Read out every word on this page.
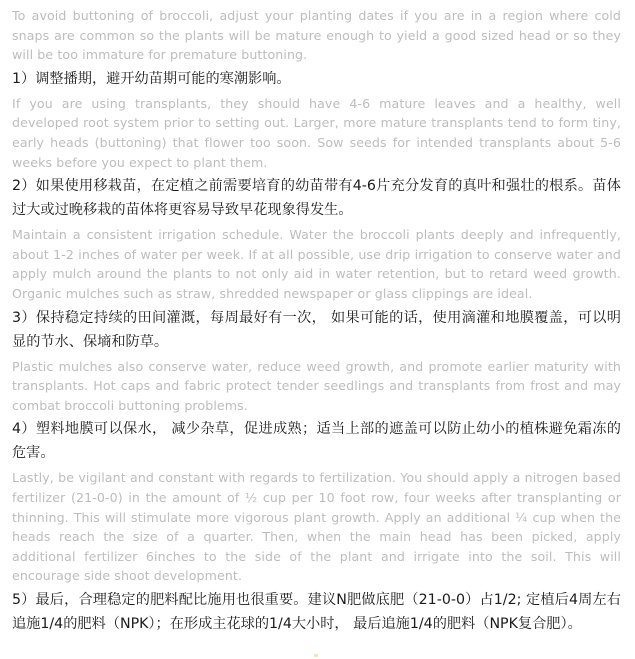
To avoid buttoning of broccoli, adjust your planting dates if you are in a region where cold snaps are common so the plants will be mature enough to yield a good sized head or so they will be too immature for premature buttoning.

1）调整播期，避开幼苗期可能的寒潮影响。

If you are using transplants, they should have 4-6 mature leaves and a healthy, well developed root system prior to setting out. Larger, more mature transplants tend to form tiny, early heads (buttoning) that flower too soon. Sow seeds for intended transplants about 5-6 weeks before you expect to plant them.

2）如果使用移栽苗，在定植之前需要培育的幼苗带有4-6片充分发育的真叶和强壮的根系。苗体过大或过晚移栽的苗体将更容易导致早花现象得发生。

Maintain a consistent irrigation schedule. Water the broccoli plants deeply and infrequently, about 1-2 inches of water per week. If at all possible, use drip irrigation to conserve water and apply mulch around the plants to not only aid in water retention, but to retard weed growth. Organic mulches such as straw, shredded newspaper or glass clippings are ideal.

3）保持稳定持续的田间灌溉，每周最好有一次， 如果可能的话，使用滴灌和地膜覆盖，可以明显的节水、保墒和防草。

Plastic mulches also conserve water, reduce weed growth, and promote earlier maturity with transplants. Hot caps and fabric protect tender seedlings and transplants from frost and may combat broccoli buttoning problems.

4）塑料地膜可以保水， 减少杂草，促进成熟；适当上部的遮盖可以防止幼小的植株避免霜冻的危害。

Lastly, be vigilant and constant with regards to fertilization. You should apply a nitrogen based fertilizer (21-0-0) in the amount of ½ cup per 10 foot row, four weeks after transplanting or thinning. This will stimulate more vigorous plant growth. Apply an additional ¼ cup when the heads reach the size of a quarter. Then, when the main head has been picked, apply additional fertilizer 6inches to the side of the plant and irrigate into the soil. This will encourage side shoot development.

5）最后，合理稳定的肥料配比施用也很重要。建议N肥做底肥（21-0-0）占1/2; 定植后4周左右追施1/4的肥料（NPK）；在形成主花球的1/4大小时， 最后追施1/4的肥料（NPK复合肥）。
